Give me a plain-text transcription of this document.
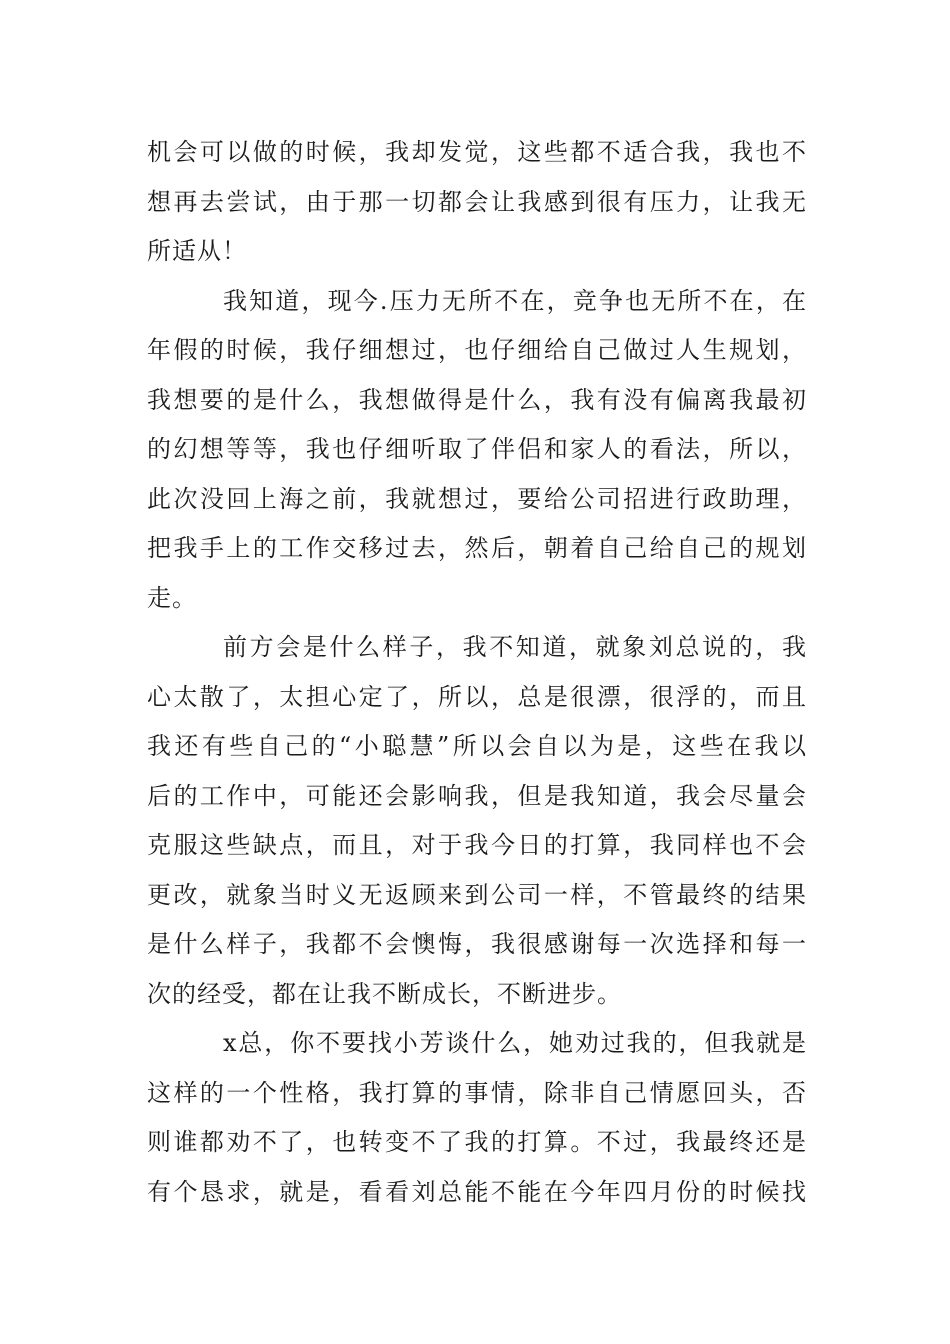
机会可以做的时候，我却发觉，这些都不适合我，我也不
想再去尝试，由于那一切都会让我感到很有压力，让我无
所适从！
我知道，现今.压力无所不在，竞争也无所不在，在
年假的时候，我仔细想过，也仔细给自己做过人生规划，
我想要的是什么，我想做得是什么，我有没有偏离我最初
的幻想等等，我也仔细听取了伴侣和家人的看法，所以，
此次没回上海之前，我就想过，要给公司招进行政助理，
把我手上的工作交移过去，然后，朝着自己给自己的规划
走。
前方会是什么样子，我不知道，就象刘总说的，我
心太散了，太担心定了，所以，总是很漂，很浮的，而且
我还有些自己的“小聪慧”所以会自以为是，这些在我以
后的工作中，可能还会影响我，但是我知道，我会尽量会
克服这些缺点，而且，对于我今日的打算，我同样也不会
更改，就象当时义无返顾来到公司一样，不管最终的结果
是什么样子，我都不会懊悔，我很感谢每一次选择和每一
次的经受，都在让我不断成长，不断进步。
x总，你不要找小芳谈什么，她劝过我的，但我就是
这样的一个性格，我打算的事情，除非自己情愿回头，否
则谁都劝不了，也转变不了我的打算。不过，我最终还是
有个恳求，就是，看看刘总能不能在今年四月份的时候找
